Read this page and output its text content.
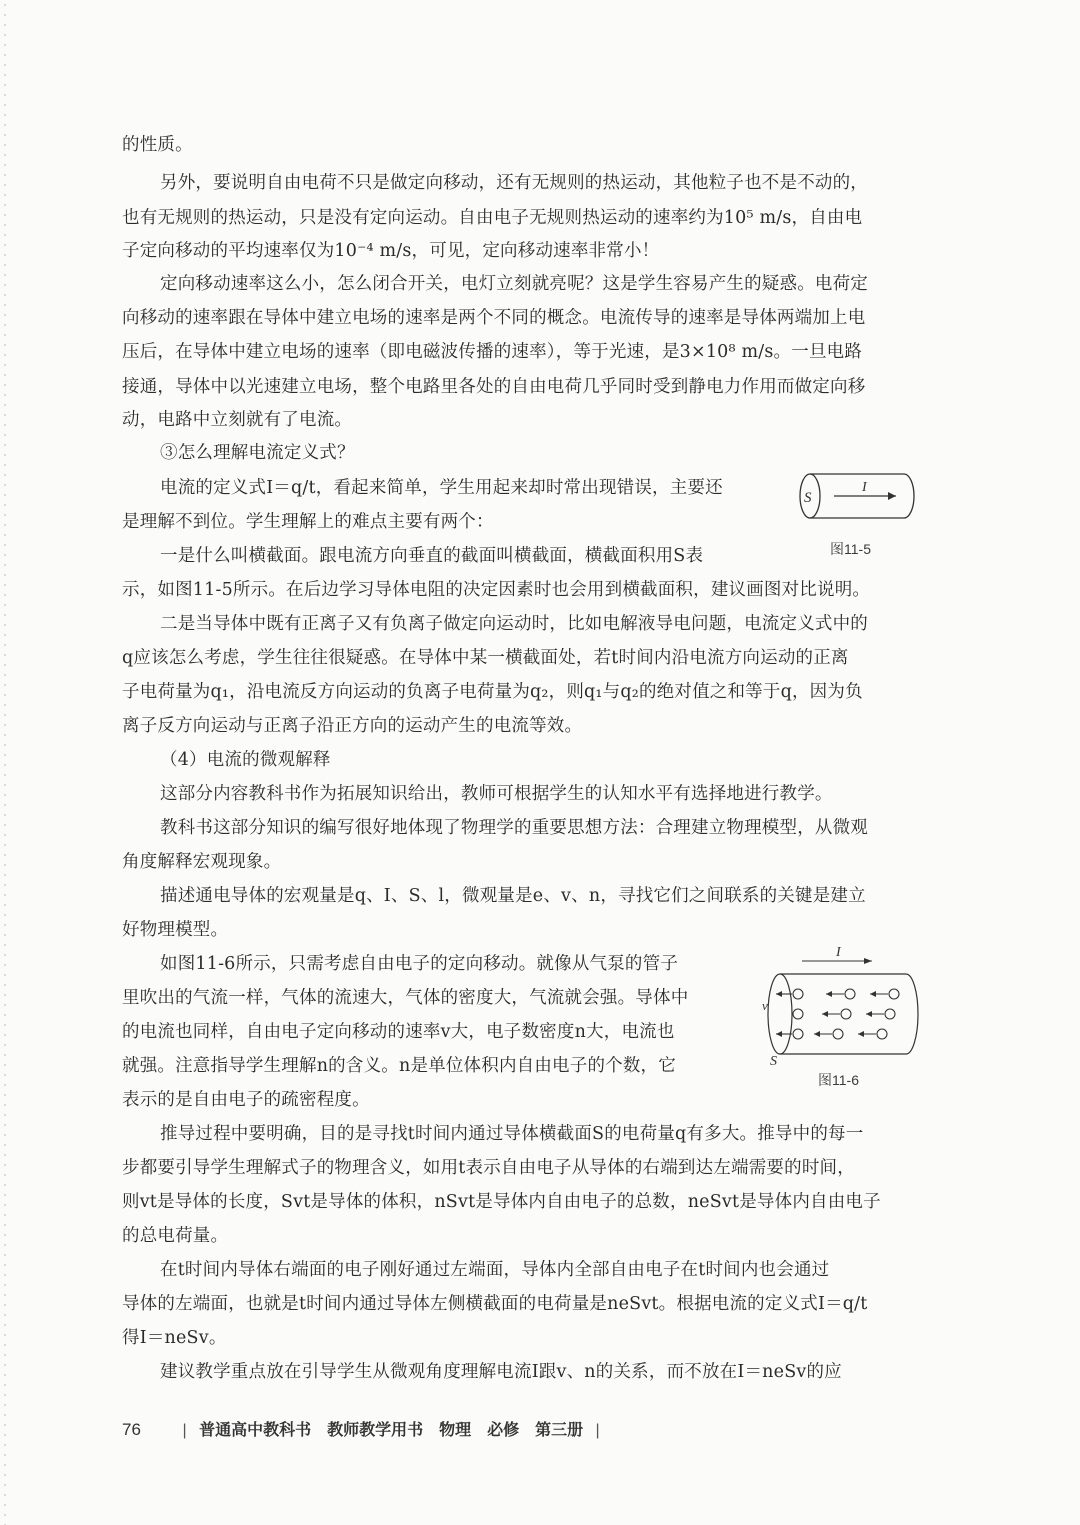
的性质。
另外，要说明自由电荷不只是做定向移动，还有无规则的热运动，其他粒子也不是不动的，
也有无规则的热运动，只是没有定向运动。自由电子无规则热运动的速率约为10⁵ m/s，自由电
子定向移动的平均速率仅为10⁻⁴ m/s，可见，定向移动速率非常小！
定向移动速率这么小，怎么闭合开关，电灯立刻就亮呢？这是学生容易产生的疑惑。电荷定
向移动的速率跟在导体中建立电场的速率是两个不同的概念。电流传导的速率是导体两端加上电
压后，在导体中建立电场的速率（即电磁波传播的速率），等于光速，是3×10⁸ m/s。一旦电路
接通，导体中以光速建立电场，整个电路里各处的自由电荷几乎同时受到静电力作用而做定向移
动，电路中立刻就有了电流。
③怎么理解电流定义式？
电流的定义式I＝q/t，看起来简单，学生用起来却时常出现错误，主要还
是理解不到位。学生理解上的难点主要有两个：
一是什么叫横截面。跟电流方向垂直的截面叫横截面，横截面积用S表
示，如图11-5所示。在后边学习导体电阻的决定因素时也会用到横截面积，建议画图对比说明。
二是当导体中既有正离子又有负离子做定向运动时，比如电解液导电问题，电流定义式中的
q应该怎么考虑，学生往往很疑惑。在导体中某一横截面处，若t时间内沿电流方向运动的正离
子电荷量为q₁，沿电流反方向运动的负离子电荷量为q₂，则q₁与q₂的绝对值之和等于q，因为负
离子反方向运动与正离子沿正方向的运动产生的电流等效。
（4）电流的微观解释
这部分内容教科书作为拓展知识给出，教师可根据学生的认知水平有选择地进行教学。
教科书这部分知识的编写很好地体现了物理学的重要思想方法：合理建立物理模型，从微观
角度解释宏观现象。
描述通电导体的宏观量是q、I、S、l，微观量是e、v、n，寻找它们之间联系的关键是建立
好物理模型。
如图11-6所示，只需考虑自由电子的定向移动。就像从气泵的管子
里吹出的气流一样，气体的流速大，气体的密度大，气流就会强。导体中
的电流也同样，自由电子定向移动的速率v大，电子数密度n大，电流也
就强。注意指导学生理解n的含义。n是单位体积内自由电子的个数，它
表示的是自由电子的疏密程度。
推导过程中要明确，目的是寻找t时间内通过导体横截面S的电荷量q有多大。推导中的每一
步都要引导学生理解式子的物理含义，如用t表示自由电子从导体的右端到达左端需要的时间，
则vt是导体的长度，Svt是导体的体积，nSvt是导体内自由电子的总数，neSvt是导体内自由电子
的总电荷量。
在t时间内导体右端面的电子刚好通过左端面，导体内全部自由电子在t时间内也会通过
导体的左端面，也就是t时间内通过导体左侧横截面的电荷量是neSvt。根据电流的定义式I＝q/t
得I＝neSv。
建议教学重点放在引导学生从微观角度理解电流I跟v、n的关系，而不放在I＝neSv的应
S
I
图11-5
I
v
S
图11-6
76	| 普通高中教科书　教师教学用书　物理　必修　第三册 |
